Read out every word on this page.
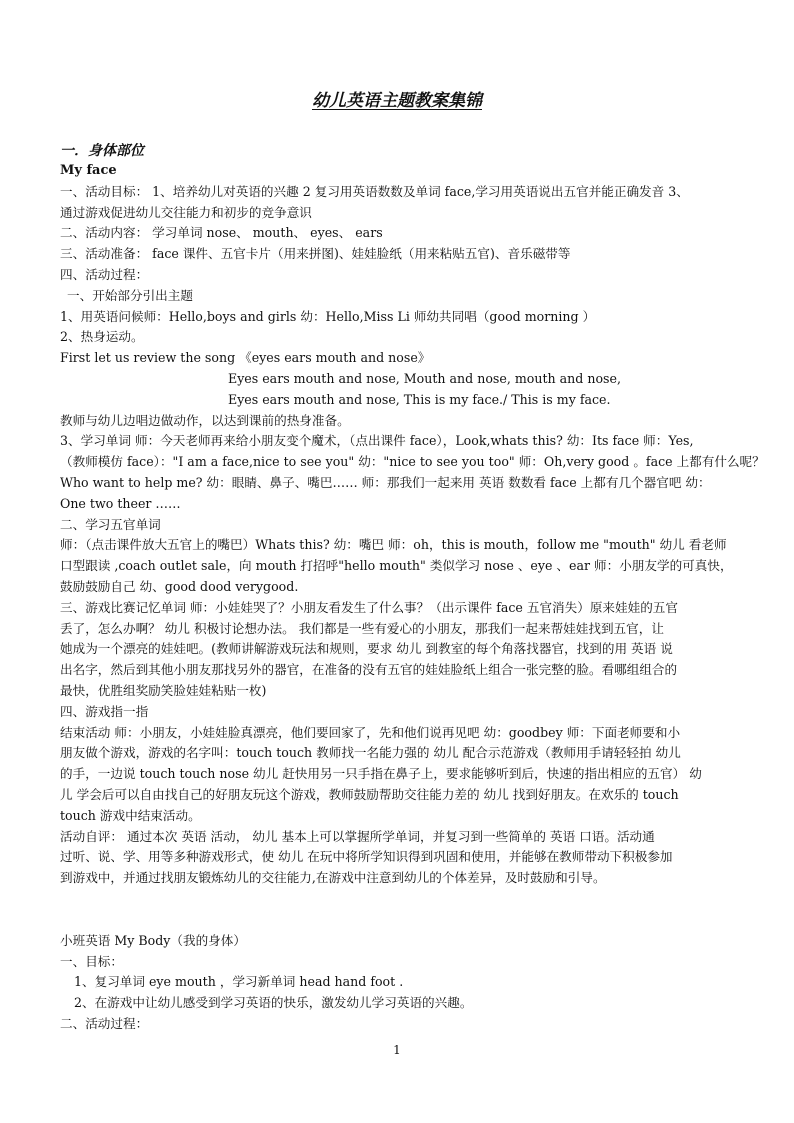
幼儿英语主题教案集锦
一．身体部位

My face

一、活动目标： 1、培养幼儿对英语的兴趣 2 复习用英语数数及单词 face,学习用英语说出五官并能正确发音 3、

通过游戏促进幼儿交往能力和初步的竞争意识

二、活动内容： 学习单词 nose、 mouth、 eyes、 ears

三、活动准备： face 课件、五官卡片（用来拼图)、娃娃脸纸（用来粘贴五官)、音乐磁带等

四、活动过程：

一、开始部分引出主题

1、用英语问候师：Hello,boys and girls 幼：Hello,Miss Li 师幼共同唱（good morning ）

2、热身运动。

First let us review the song 《eyes ears mouth and nose》

Eyes ears mouth and nose, Mouth and nose, mouth and nose,

Eyes ears mouth and nose, This is my face./ This is my face.

教师与幼儿边唱边做动作，以达到课前的热身准备。

3、学习单词 师：今天老师再来给小朋友变个魔术，（点出课件 face），Look,whats this? 幼：Its face 师：Yes,

（教师模仿 face）："I am a face,nice to see you" 幼："nice to see you too" 师：Oh,very good 。face 上都有什么呢？

Who want to help me? 幼：眼睛、鼻子、嘴巴…… 师：那我们一起来用 英语 数数看 face 上都有几个器官吧 幼：

One two theer ……

二、学习五官单词

师：（点击课件放大五官上的嘴巴）Whats this? 幼：嘴巴 师：oh，this is mouth，follow me "mouth" 幼儿 看老师

口型跟读 ,coach outlet sale，向 mouth 打招呼"hello mouth" 类似学习 nose 、eye 、ear 师：小朋友学的可真快，

鼓励鼓励自己 幼、good dood verygood.

三、游戏比赛记忆单词 师：小娃娃哭了？小朋友看发生了什么事？（出示课件 face 五官消失）原来娃娃的五官

丢了，怎么办啊？ 幼儿 积极讨论想办法。 我们都是一些有爱心的小朋友，那我们一起来帮娃娃找到五官，让

她成为一个漂亮的娃娃吧。(教师讲解游戏玩法和规则，要求 幼儿 到教室的每个角落找器官，找到的用 英语 说

出名字，然后到其他小朋友那找另外的器官，在准备的没有五官的娃娃脸纸上组合一张完整的脸。看哪组组合的

最快，优胜组奖励笑脸娃娃粘贴一枚)

四、游戏指一指

结束活动 师：小朋友，小娃娃脸真漂亮，他们要回家了，先和他们说再见吧 幼：goodbey 师：下面老师要和小

朋友做个游戏，游戏的名字叫：touch touch 教师找一名能力强的 幼儿 配合示范游戏（教师用手请轻轻拍 幼儿

的手，一边说 touch touch nose 幼儿 赶快用另一只手指在鼻子上，要求能够听到后，快速的指出相应的五官） 幼

儿 学会后可以自由找自己的好朋友玩这个游戏，教师鼓励帮助交往能力差的 幼儿 找到好朋友。在欢乐的 touch

touch 游戏中结束活动。

活动自评： 通过本次 英语 活动， 幼儿 基本上可以掌握所学单词，并复习到一些简单的 英语 口语。活动通

过听、说、学、用等多种游戏形式，使 幼儿 在玩中将所学知识得到巩固和使用，并能够在教师带动下积极参加

到游戏中，并通过找朋友锻炼幼儿的交往能力,在游戏中注意到幼儿的个体差异，及时鼓励和引导。

小班英语 My Body（我的身体）

一、目标：

1、复习单词 eye mouth ，学习新单词 head hand foot .

2、在游戏中让幼儿感受到学习英语的快乐，激发幼儿学习英语的兴趣。

二、活动过程：

1
